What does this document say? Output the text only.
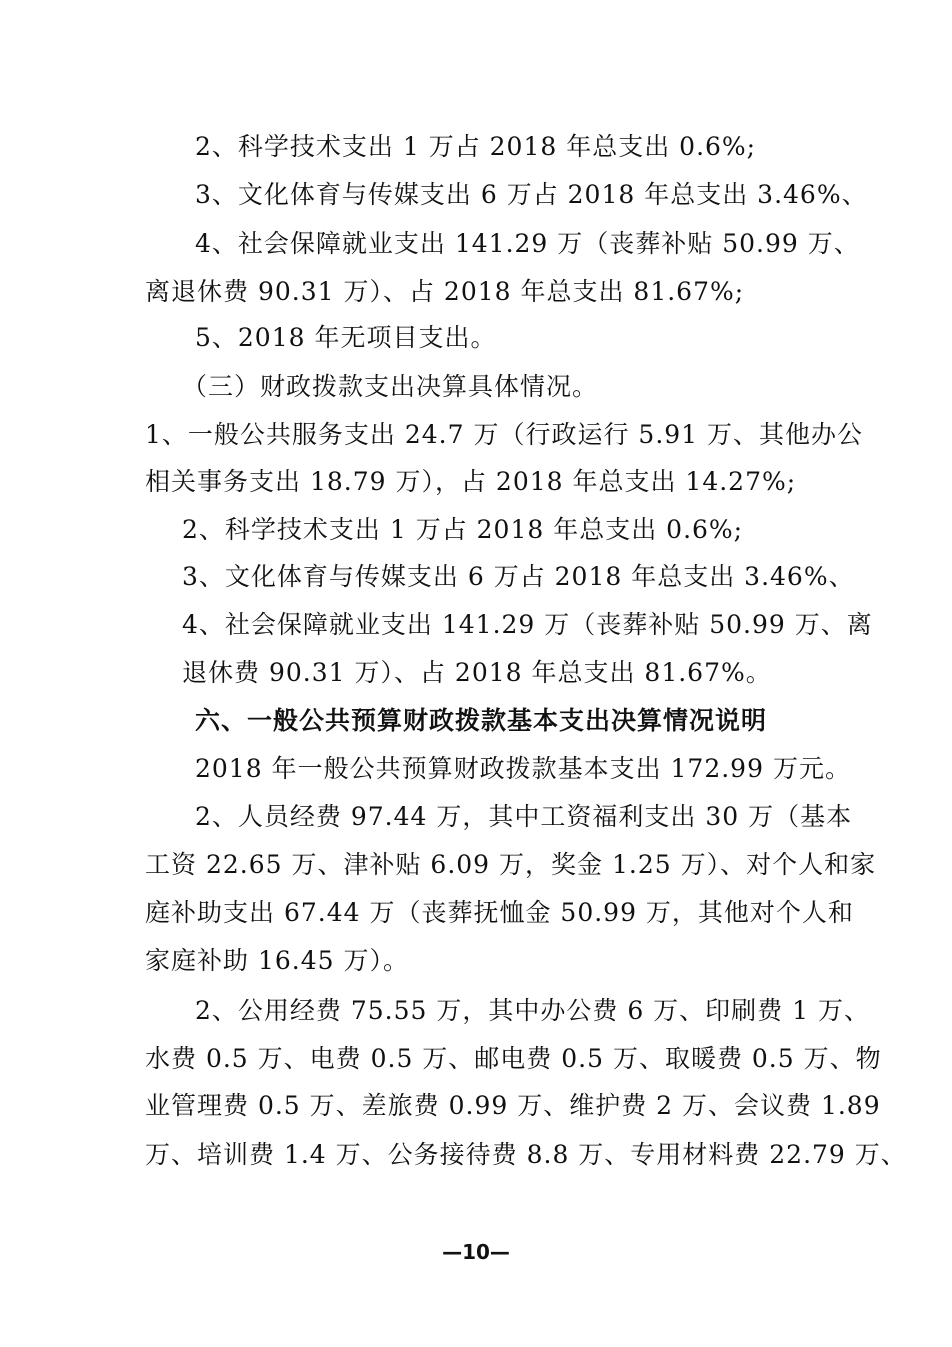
2、科学技术支出 1 万占 2018 年总支出 0.6%;
3、文化体育与传媒支出 6 万占 2018 年总支出 3.46%、
4、社会保障就业支出 141.29 万（丧葬补贴 50.99 万、
离退休费 90.31 万）、占 2018 年总支出 81.67%;
5、2018 年无项目支出。
（三）财政拨款支出决算具体情况。
1、一般公共服务支出 24.7 万（行政运行 5.91 万、其他办公
相关事务支出 18.79 万），占 2018 年总支出 14.27%;
2、科学技术支出 1 万占 2018 年总支出 0.6%;
3、文化体育与传媒支出 6 万占 2018 年总支出 3.46%、
4、社会保障就业支出 141.29 万（丧葬补贴 50.99 万、离
退休费 90.31 万）、占 2018 年总支出 81.67%。
六、一般公共预算财政拨款基本支出决算情况说明
2018 年一般公共预算财政拨款基本支出 172.99 万元。
2、人员经费 97.44 万，其中工资福利支出 30 万（基本
工资 22.65 万、津补贴 6.09 万，奖金 1.25 万）、对个人和家
庭补助支出 67.44 万（丧葬抚恤金 50.99 万，其他对个人和
家庭补助 16.45 万）。
2、公用经费 75.55 万，其中办公费 6 万、印刷费 1 万、
水费 0.5 万、电费 0.5 万、邮电费 0.5 万、取暖费 0.5 万、物
业管理费 0.5 万、差旅费 0.99 万、维护费 2 万、会议费 1.89
万、培训费 1.4 万、公务接待费 8.8 万、专用材料费 22.79 万、
—10—
